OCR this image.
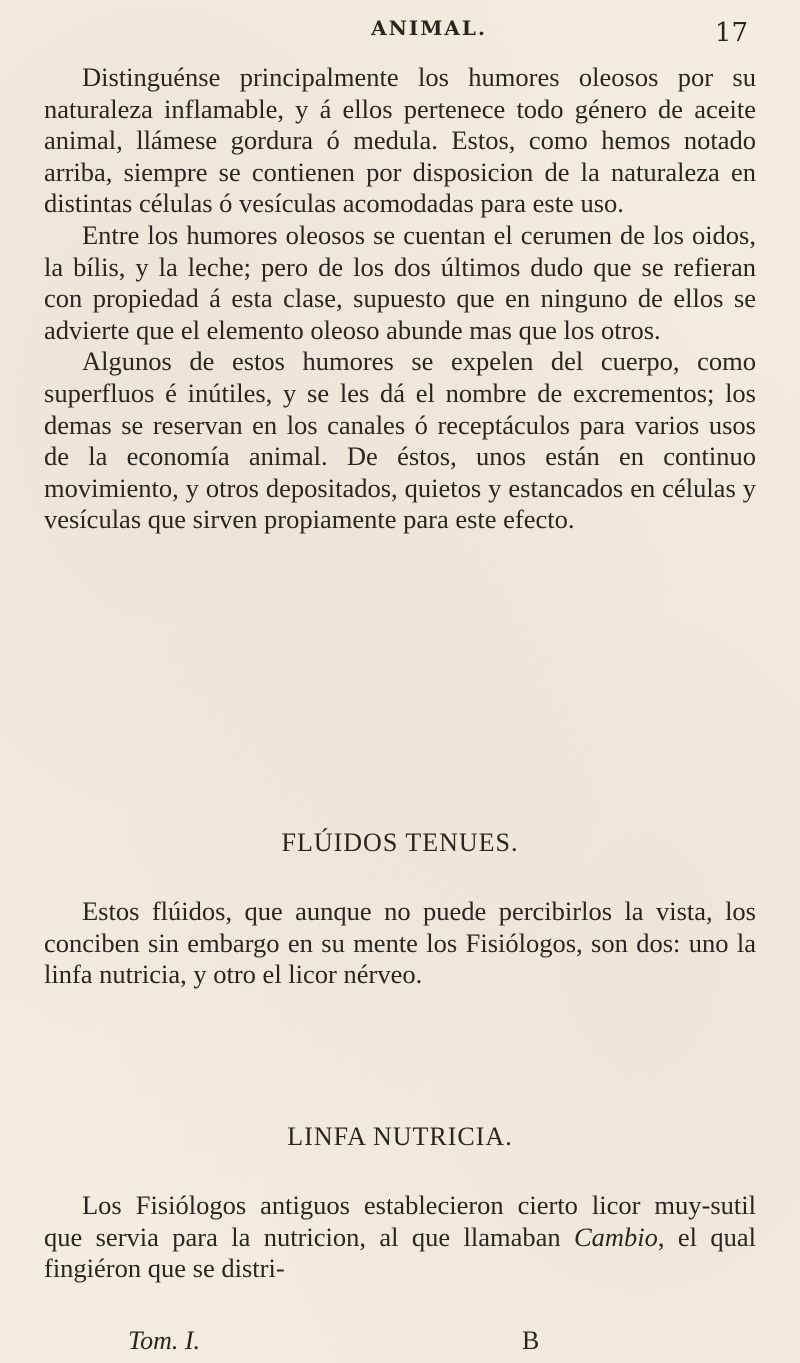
ANIMAL.	17

Distinguénse principalmente los humores oleosos por su naturaleza inflamable, y á ellos pertenece todo género de aceite animal, llámese gordura ó medula. Estos, como hemos notado arriba, siempre se contienen por disposicion de la naturaleza en distintas células ó vesículas acomodadas para este uso.

Entre los humores oleosos se cuentan el cerumen de los oidos, la bílis, y la leche; pero de los dos últimos dudo que se refieran con propiedad á esta clase, supuesto que en ninguno de ellos se advierte que el elemento oleoso abunde mas que los otros.

Algunos de estos humores se expelen del cuerpo, como superfluos é inútiles, y se les dá el nombre de excrementos; los demas se reservan en los canales ó receptáculos para varios usos de la economía animal. De éstos, unos están en continuo movimiento, y otros depositados, quietos y estancados en células y vesículas que sirven propiamente para este efecto.

FLÚIDOS TENUES.

Estos flúidos, que aunque no puede percibirlos la vista, los conciben sin embargo en su mente los Fisiólogos, son dos: uno la linfa nutricia, y otro el licor nérveo.

LINFA NUTRICIA.

Los Fisiólogos antiguos establecieron cierto licor muy-sutil que servia para la nutricion, al que llamaban Cambio, el qual fingiéron que se distri-

Tom. I.	B
